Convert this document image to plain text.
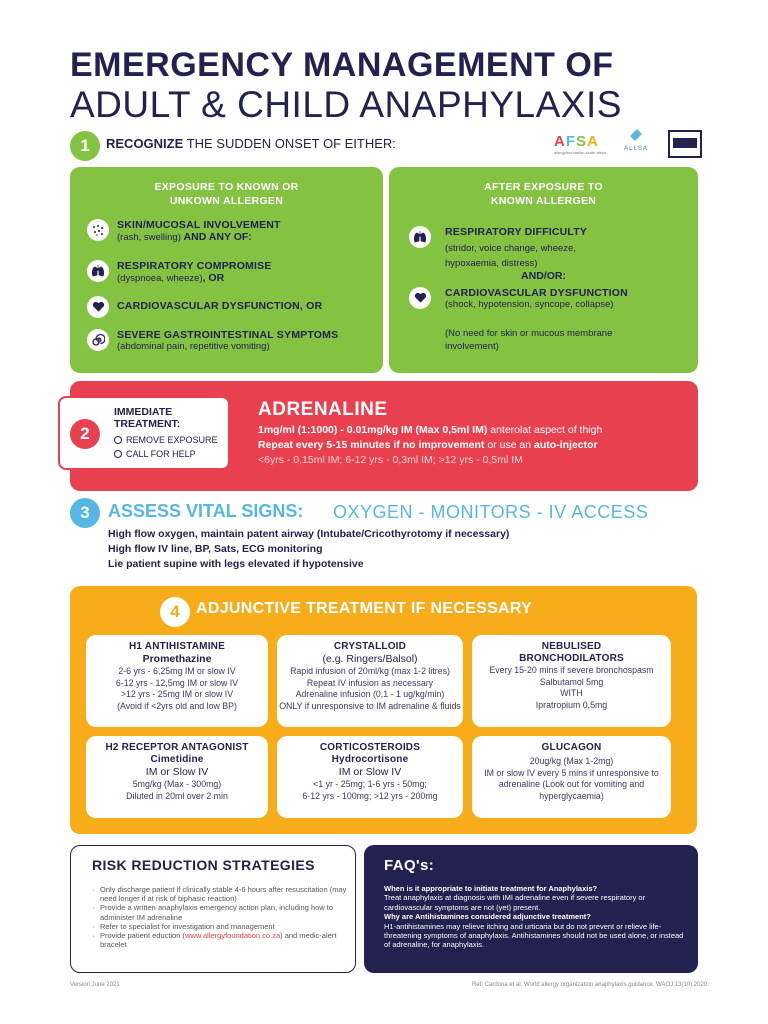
EMERGENCY MANAGEMENT OF
ADULT & CHILD ANAPHYLAXIS
1	RECOGNIZE THE SUDDEN ONSET OF EITHER:	AFSA
allergyfoundation south africa
ALLSA
EXPOSURE TO KNOWN OR
UNKOWN ALLERGEN
SKIN/MUCOSAL INVOLVEMENT
(rash, swelling) AND ANY OF:
RESPIRATORY COMPROMISE
(dyspnoea, wheeze), OR
CARDIOVASCULAR DYSFUNCTION, OR
SEVERE GASTROINTESTINAL SYMPTOMS
(abdominal pain, repetitive vomiting)
AFTER EXPOSURE TO
KNOWN ALLERGEN
RESPIRATORY DIFFICULTY
(stridor, voice change, wheeze,
hypoxaemia, distress)
AND/OR:
CARDIOVASCULAR DYSFUNCTION
(shock, hypotension, syncope, collapse)
(No need for skin or mucous membrane
involvement)
2
IMMEDIATE
TREATMENT:
REMOVE EXPOSURE
CALL FOR HELP
ADRENALINE
1mg/ml (1:1000) - 0.01mg/kg IM (Max 0,5ml IM) anterolat aspect of thigh
Repeat every 5-15 minutes if no improvement or use an auto-injector
<6yrs - 0,15ml IM; 6-12 yrs - 0,3ml IM; >12 yrs - 0,5ml IM
3	ASSESS VITAL SIGNS: OXYGEN - MONITORS - IV ACCESS
High flow oxygen, maintain patent airway (Intubate/Cricothyrotomy if necessary)
High flow IV line, BP, Sats, ECG monitoring
Lie patient supine with legs elevated if hypotensive
4	ADJUNCTIVE TREATMENT IF NECESSARY
H1 ANTIHISTAMINE
Promethazine
2-6 yrs - 6,25mg IM or slow IV
6-12 yrs - 12,5mg IM or slow IV
>12 yrs - 25mg IM or slow IV
(Avoid if <2yrs old and low BP)
CRYSTALLOID
(e.g. Ringers/Balsol)
Rapid infusion of 20ml/kg (max 1-2 litres)
Repeat IV infusion as necessary
Adrenaline infusion (0,1 - 1 ug/kg/min)
ONLY if unresponsive to IM adrenaline & fluids
NEBULISED
BRONCHODILATORS
Every 15-20 mins if severe bronchospasm
Salbutamol 5mg
WITH
Ipratropium 0,5mg
H2 RECEPTOR ANTAGONIST
Cimetidine
IM or Slow IV
5mg/kg (Max - 300mg)
Diluted in 20ml over 2 min
CORTICOSTEROIDS
Hydrocortisone
IM or Slow IV
<1 yr - 25mg; 1-6 yrs - 50mg;
6-12 yrs - 100mg; >12 yrs - 200mg
GLUCAGON
20ug/kg (Max 1-2mg)
IM or slow IV every 5 mins if unresponsive to
adrenaline (Look out for vomiting and
hyperglycaemia)
RISK REDUCTION STRATEGIES
· Only discharge patient if clinically stable 4-6 hours after resuscitation (may need longer if at risk of biphasic reaction)
· Provide a written anaphylaxis emergency action plan, including how to administer IM adrenaline
· Refer to specialist for investigation and management
· Provide patient eduction (www.allergyfoundation.co.za) and medic-alert bracelet
FAQ's:
When is it appropriate to initiate treatment for Anaphylaxis?
Treat anaphylaxis at diagnosis with IMI adrenaline even if severe respiratory or cardiovascular symptoms are not (yet) present.
Why are Antihistamines considered adjunctive treatment?
H1-antihistamines may relieve itching and urticaria but do not prevent or relieve life-threatening symptoms of anaphylaxis. Antihistamines should not be used alone, or instead of adrenaline, for anaphylaxis.
Version June 2021	Ref: Cardona et al. World allergy organization anaphylaxis guidance. WAOJ;13(10):2020.
